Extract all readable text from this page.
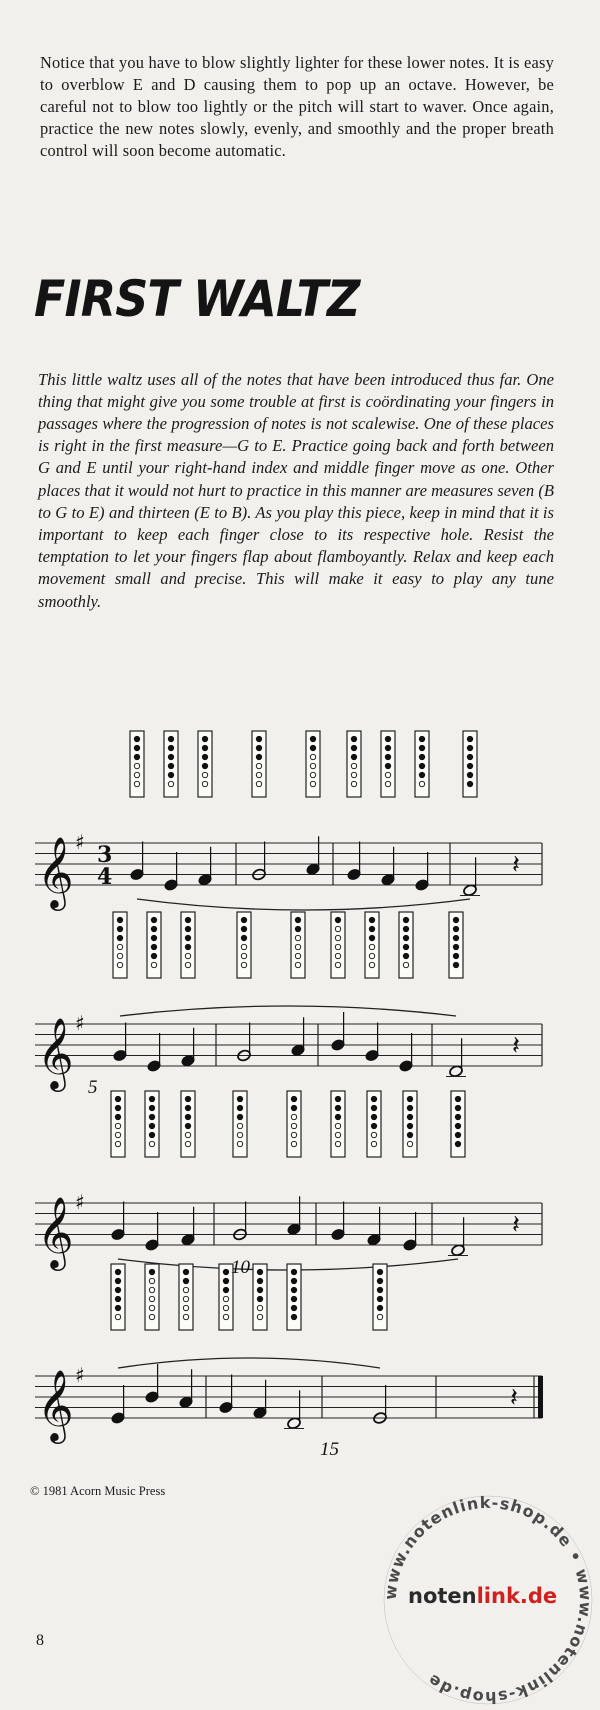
Notice that you have to blow slightly lighter for these lower notes. It is easy to overblow E and D causing them to pop up an octave. However, be careful not to blow too lightly or the pitch will start to waver. Once again, practice the new notes slowly, evenly, and smoothly and the proper breath control will soon become automatic.

FIRST WALTZ

This little waltz uses all of the notes that have been introduced thus far. One thing that might give you some trouble at first is coördinating your fingers in passages where the progression of notes is not scalewise. One of these places is right in the first measure—G to E. Practice going back and forth between G and E until your right-hand index and middle finger move as one. Other places that it would not hurt to practice in this manner are measures seven (B to G to E) and thirteen (E to B). As you play this piece, keep in mind that it is important to keep each finger close to its respective hole. Resist the temptation to let your fingers flap about flamboyantly. Relax and keep each movement small and precise. This will make it easy to play any tune smoothly.

𝄞 ♯ 3
4	𝄽
𝄞 ♯
𝄽
𝄞 ♯
𝄽
𝄞 ♯
𝄽
5
10
15
© 1981 Acorn Music Press
8
www.notenlink-shop.de • www.notenlink-shop.de
notenlink.de
